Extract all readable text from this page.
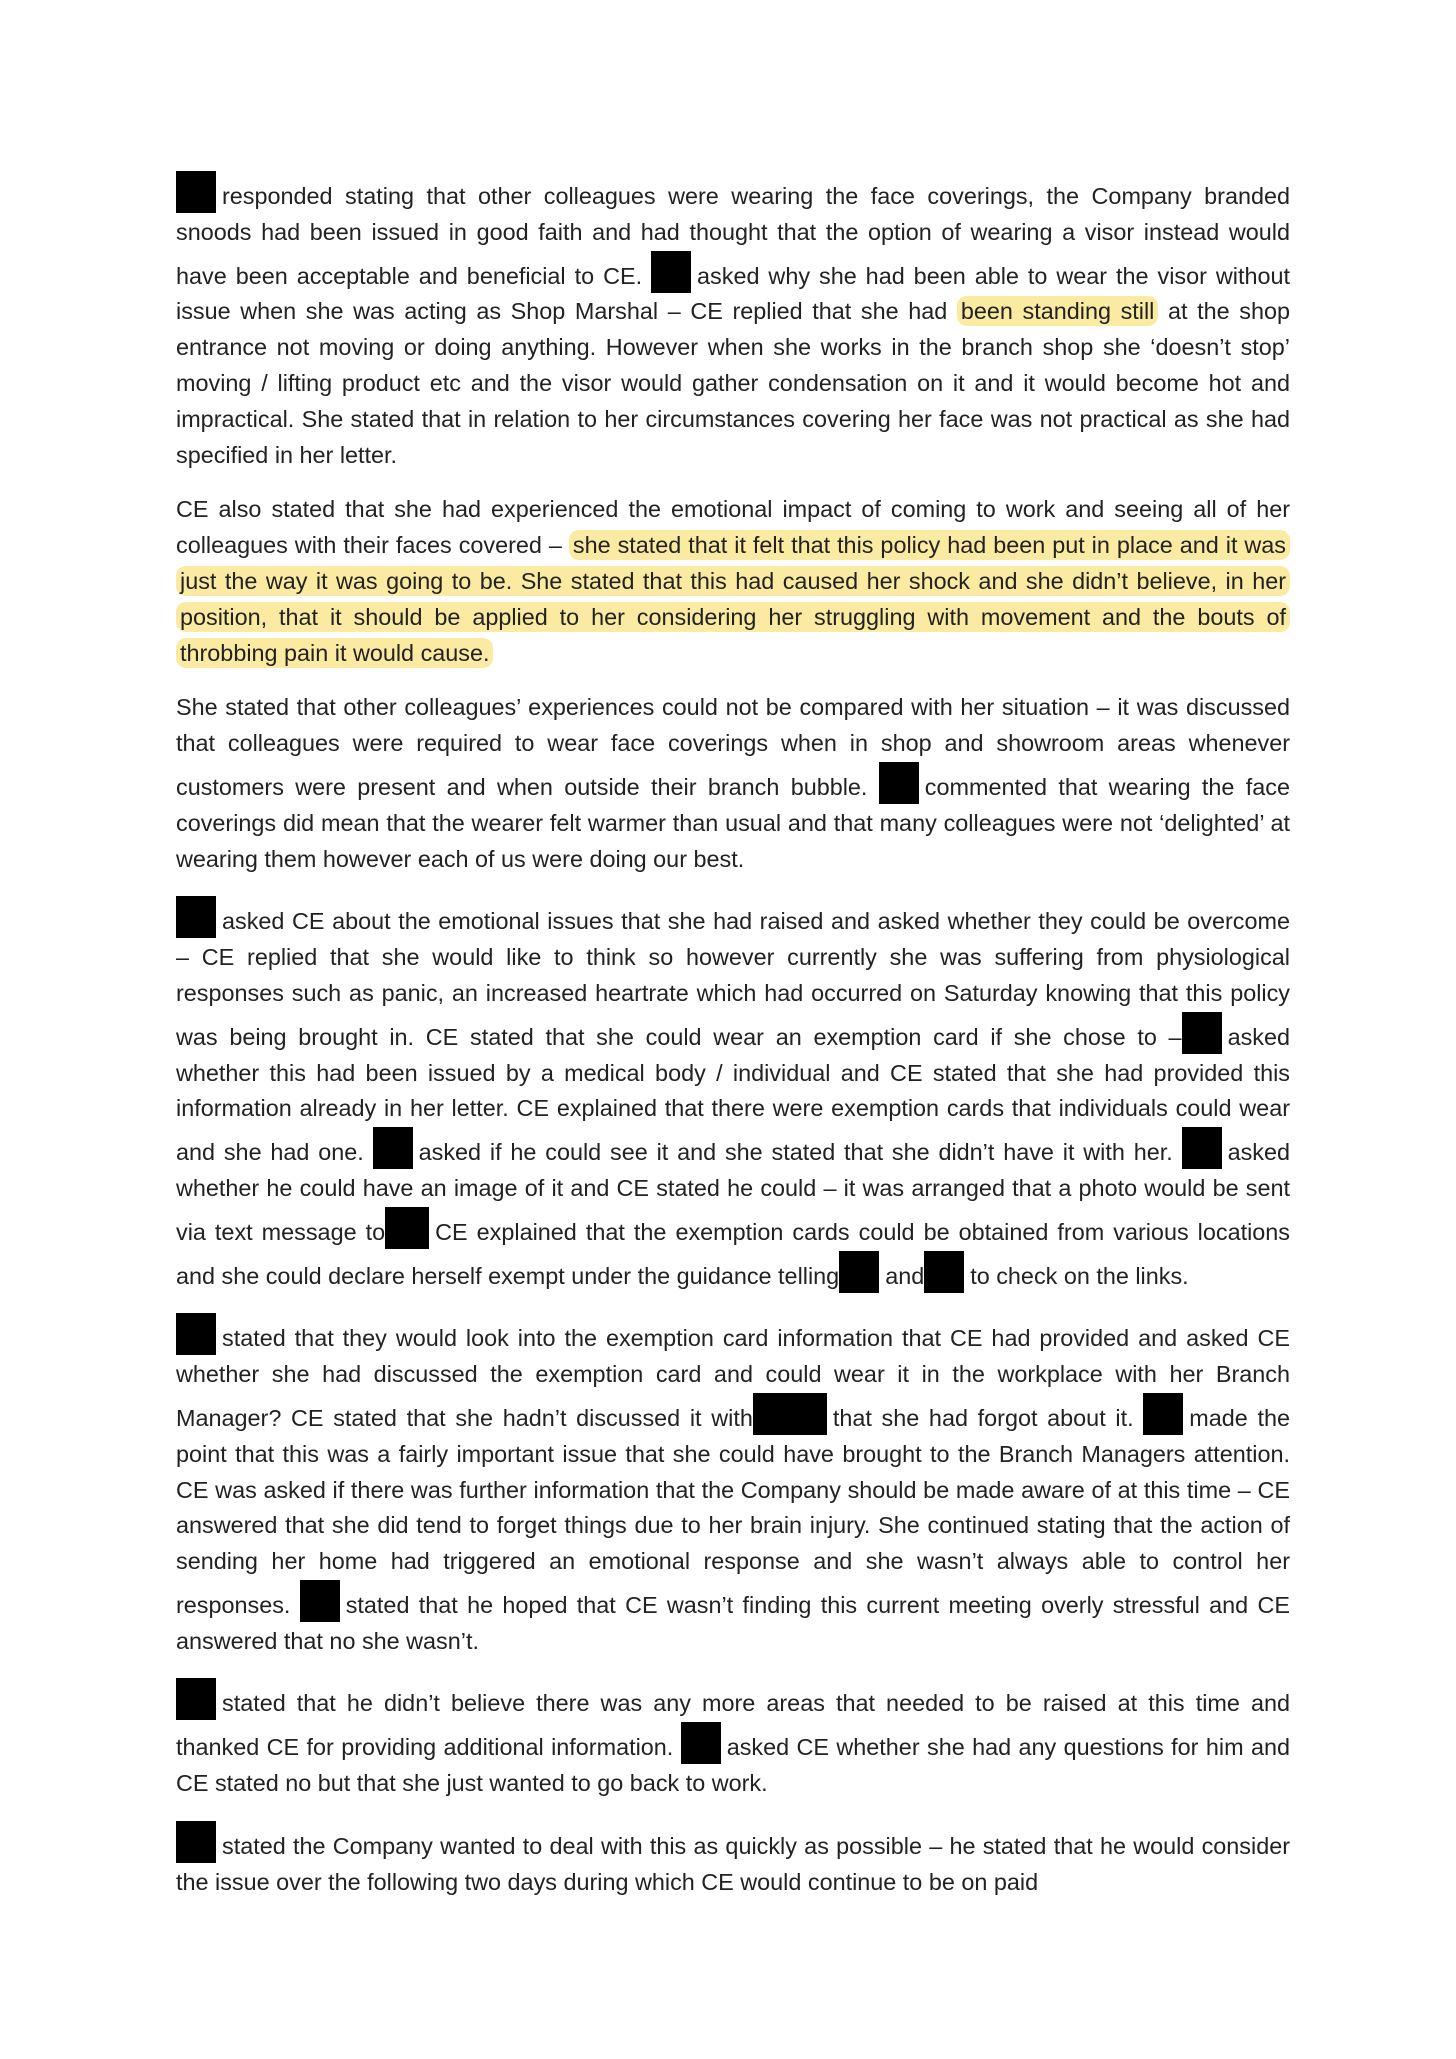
responded stating that other colleagues were wearing the face coverings, the Company branded snoods had been issued in good faith and had thought that the option of wearing a visor instead would have been acceptable and beneficial to CE. asked why she had been able to wear the visor without issue when she was acting as Shop Marshal – CE replied that she had been standing still at the shop entrance not moving or doing anything. However when she works in the branch shop she ‘doesn’t stop’ moving / lifting product etc and the visor would gather condensation on it and it would become hot and impractical. She stated that in relation to her circumstances covering her face was not practical as she had specified in her letter.

CE also stated that she had experienced the emotional impact of coming to work and seeing all of her colleagues with their faces covered – she stated that it felt that this policy had been put in place and it was just the way it was going to be. She stated that this had caused her shock and she didn’t believe, in her position, that it should be applied to her considering her struggling with movement and the bouts of throbbing pain it would cause.

She stated that other colleagues’ experiences could not be compared with her situation – it was discussed that colleagues were required to wear face coverings when in shop and showroom areas whenever customers were present and when outside their branch bubble. commented that wearing the face coverings did mean that the wearer felt warmer than usual and that many colleagues were not ‘delighted’ at wearing them however each of us were doing our best.

asked CE about the emotional issues that she had raised and asked whether they could be overcome – CE replied that she would like to think so however currently she was suffering from physiological responses such as panic, an increased heartrate which had occurred on Saturday knowing that this policy was being brought in. CE stated that she could wear an exemption card if she chose to – asked whether this had been issued by a medical body / individual and CE stated that she had provided this information already in her letter. CE explained that there were exemption cards that individuals could wear and she had one. asked if he could see it and she stated that she didn’t have it with her. asked whether he could have an image of it and CE stated he could – it was arranged that a photo would be sent via text message to CE explained that the exemption cards could be obtained from various locations and she could declare herself exempt under the guidance telling and to check on the links.

stated that they would look into the exemption card information that CE had provided and asked CE whether she had discussed the exemption card and could wear it in the workplace with her Branch Manager? CE stated that she hadn’t discussed it with	that she had forgot about it. made the point that this was a fairly important issue that she could have brought to the Branch Managers attention. CE was asked if there was further information that the Company should be made aware of at this time – CE answered that she did tend to forget things due to her brain injury. She continued stating that the action of sending her home had triggered an emotional response and she wasn’t always able to control her responses. stated that he hoped that CE wasn’t finding this current meeting overly stressful and CE answered that no she wasn’t.

stated that he didn’t believe there was any more areas that needed to be raised at this time and thanked CE for providing additional information. asked CE whether she had any questions for him and CE stated no but that she just wanted to go back to work.

stated the Company wanted to deal with this as quickly as possible – he stated that he would consider the issue over the following two days during which CE would continue to be on paid
